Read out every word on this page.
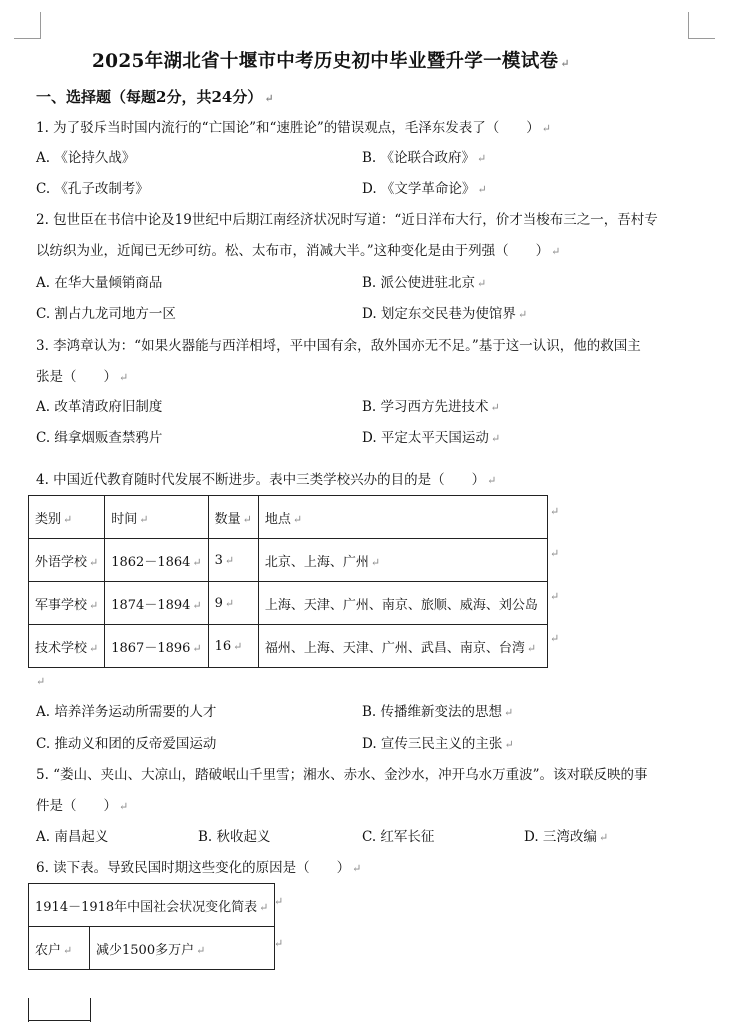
2025年湖北省十堰市中考历史初中毕业暨升学一模试卷 ↵
一、选择题（每题2分，共24分） ↵
1. 为了驳斥当时国内流行的“亡国论”和“速胜论”的错误观点，毛泽东发表了（　　） ↵
A. 《论持久战》	B. 《论联合政府》 ↵
C. 《孔子改制考》	D. 《文学革命论》 ↵
2. 包世臣在书信中论及19世纪中后期江南经济状况时写道：“近日洋布大行，价才当梭布三之一，吾村专
以纺织为业，近闻已无纱可纺。松、太布市，消减大半。”这种变化是由于列强（　　） ↵
A. 在华大量倾销商品	B. 派公使进驻北京 ↵
C. 割占九龙司地方一区	D. 划定东交民巷为使馆界 ↵
3. 李鸿章认为：“如果火器能与西洋相埒，平中国有余，敌外国亦无不足。”基于这一认识，他的救国主
张是（　　） ↵
A. 改革清政府旧制度	B. 学习西方先进技术 ↵
C. 缉拿烟贩查禁鸦片	D. 平定太平天国运动 ↵
4. 中国近代教育随时代发展不断进步。表中三类学校兴办的目的是（　　） ↵
类别 ↵	时间 ↵	数量 ↵	地点 ↵
外语学校 ↵	1862－1864 ↵	3 ↵	北京、上海、广州 ↵
军事学校 ↵	1874－1894 ↵	9 ↵	上海、天津、广州、南京、旅顺、威海、刘公岛
技术学校 ↵	1867－1896 ↵	16 ↵	福州、上海、天津、广州、武昌、南京、台湾 ↵
↵
↵
↵
↵
↵
A. 培养洋务运动所需要的人才	B. 传播维新变法的思想 ↵
C. 推动义和团的反帝爱国运动	D. 宣传三民主义的主张 ↵
5. “娄山、夹山、大凉山，踏破岷山千里雪；湘水、赤水、金沙水，冲开乌水万重波”。该对联反映的事
件是（　　） ↵
A. 南昌起义	B. 秋收起义	C. 红军长征	D. 三湾改编 ↵
6. 读下表。导致民国时期这些变化的原因是（　　） ↵
1914－1918年中国社会状况变化简表 ↵
农户 ↵	减少1500多万户 ↵
↵
↵
